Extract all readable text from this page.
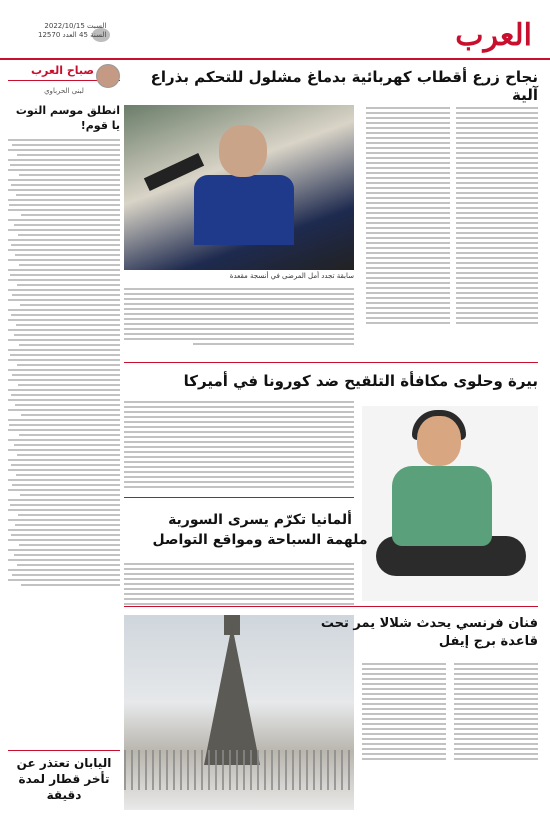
العرب
السبت 2022/10/15
السنة 45 العدد 12570
صباح العرب
لبنى الحرباوي
انطلق موسم التوت يا قوم!
اليابان تعتذر عن تأخر قطار لمدة دقيقة
نجاح زرع أقطاب كهربائية بدماغ مشلول للتحكم بذراع آلية
سابقة تجدد أمل المرضى في أنسجة مقعدة
بيرة وحلوى مكافأة التلقيح ضد كورونا في أميركا
ألمانيا تكرّم يسرى السورية ملهمة السباحة ومواقع التواصل
فنان فرنسي يحدث شلالا يمر تحت قاعدة برج إيفل
